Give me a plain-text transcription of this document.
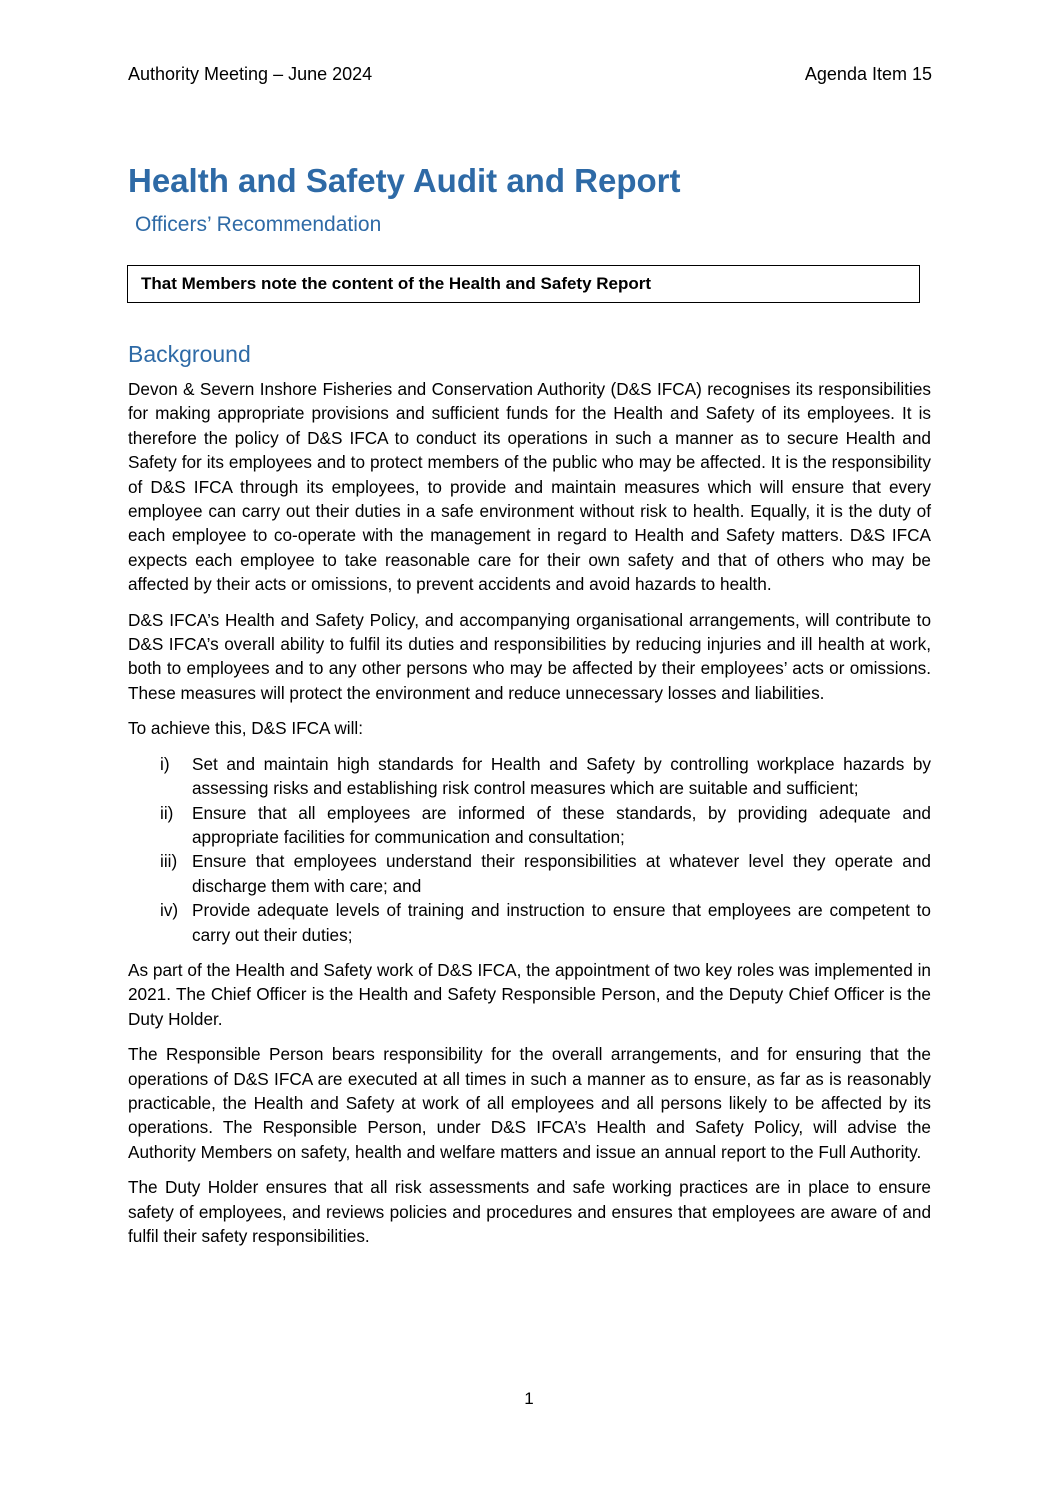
Authority Meeting – June 2024	Agenda Item 15
Health and Safety Audit and Report

Officers’ Recommendation

That Members note the content of the Health and Safety Report
Background

Devon & Severn Inshore Fisheries and Conservation Authority (D&S IFCA) recognises its responsibilities for making appropriate provisions and sufficient funds for the Health and Safety of its employees. It is therefore the policy of D&S IFCA to conduct its operations in such a manner as to secure Health and Safety for its employees and to protect members of the public who may be affected. It is the responsibility of D&S IFCA through its employees, to provide and maintain measures which will ensure that every employee can carry out their duties in a safe environment without risk to health. Equally, it is the duty of each employee to co-operate with the management in regard to Health and Safety matters. D&S IFCA expects each employee to take reasonable care for their own safety and that of others who may be affected by their acts or omissions, to prevent accidents and avoid hazards to health.

D&S IFCA’s Health and Safety Policy, and accompanying organisational arrangements, will contribute to D&S IFCA’s overall ability to fulfil its duties and responsibilities by reducing injuries and ill health at work, both to employees and to any other persons who may be affected by their employees’ acts or omissions. These measures will protect the environment and reduce unnecessary losses and liabilities.

To achieve this, D&S IFCA will:

i) Set and maintain high standards for Health and Safety by controlling workplace hazards by assessing risks and establishing risk control measures which are suitable and sufficient;
ii) Ensure that all employees are informed of these standards, by providing adequate and appropriate facilities for communication and consultation;
iii) Ensure that employees understand their responsibilities at whatever level they operate and discharge them with care; and
iv) Provide adequate levels of training and instruction to ensure that employees are competent to carry out their duties;

As part of the Health and Safety work of D&S IFCA, the appointment of two key roles was implemented in 2021. The Chief Officer is the Health and Safety Responsible Person, and the Deputy Chief Officer is the Duty Holder.

The Responsible Person bears responsibility for the overall arrangements, and for ensuring that the operations of D&S IFCA are executed at all times in such a manner as to ensure, as far as is reasonably practicable, the Health and Safety at work of all employees and all persons likely to be affected by its operations. The Responsible Person, under D&S IFCA’s Health and Safety Policy, will advise the Authority Members on safety, health and welfare matters and issue an annual report to the Full Authority.

The Duty Holder ensures that all risk assessments and safe working practices are in place to ensure safety of employees, and reviews policies and procedures and ensures that employees are aware of and fulfil their safety responsibilities.

1
